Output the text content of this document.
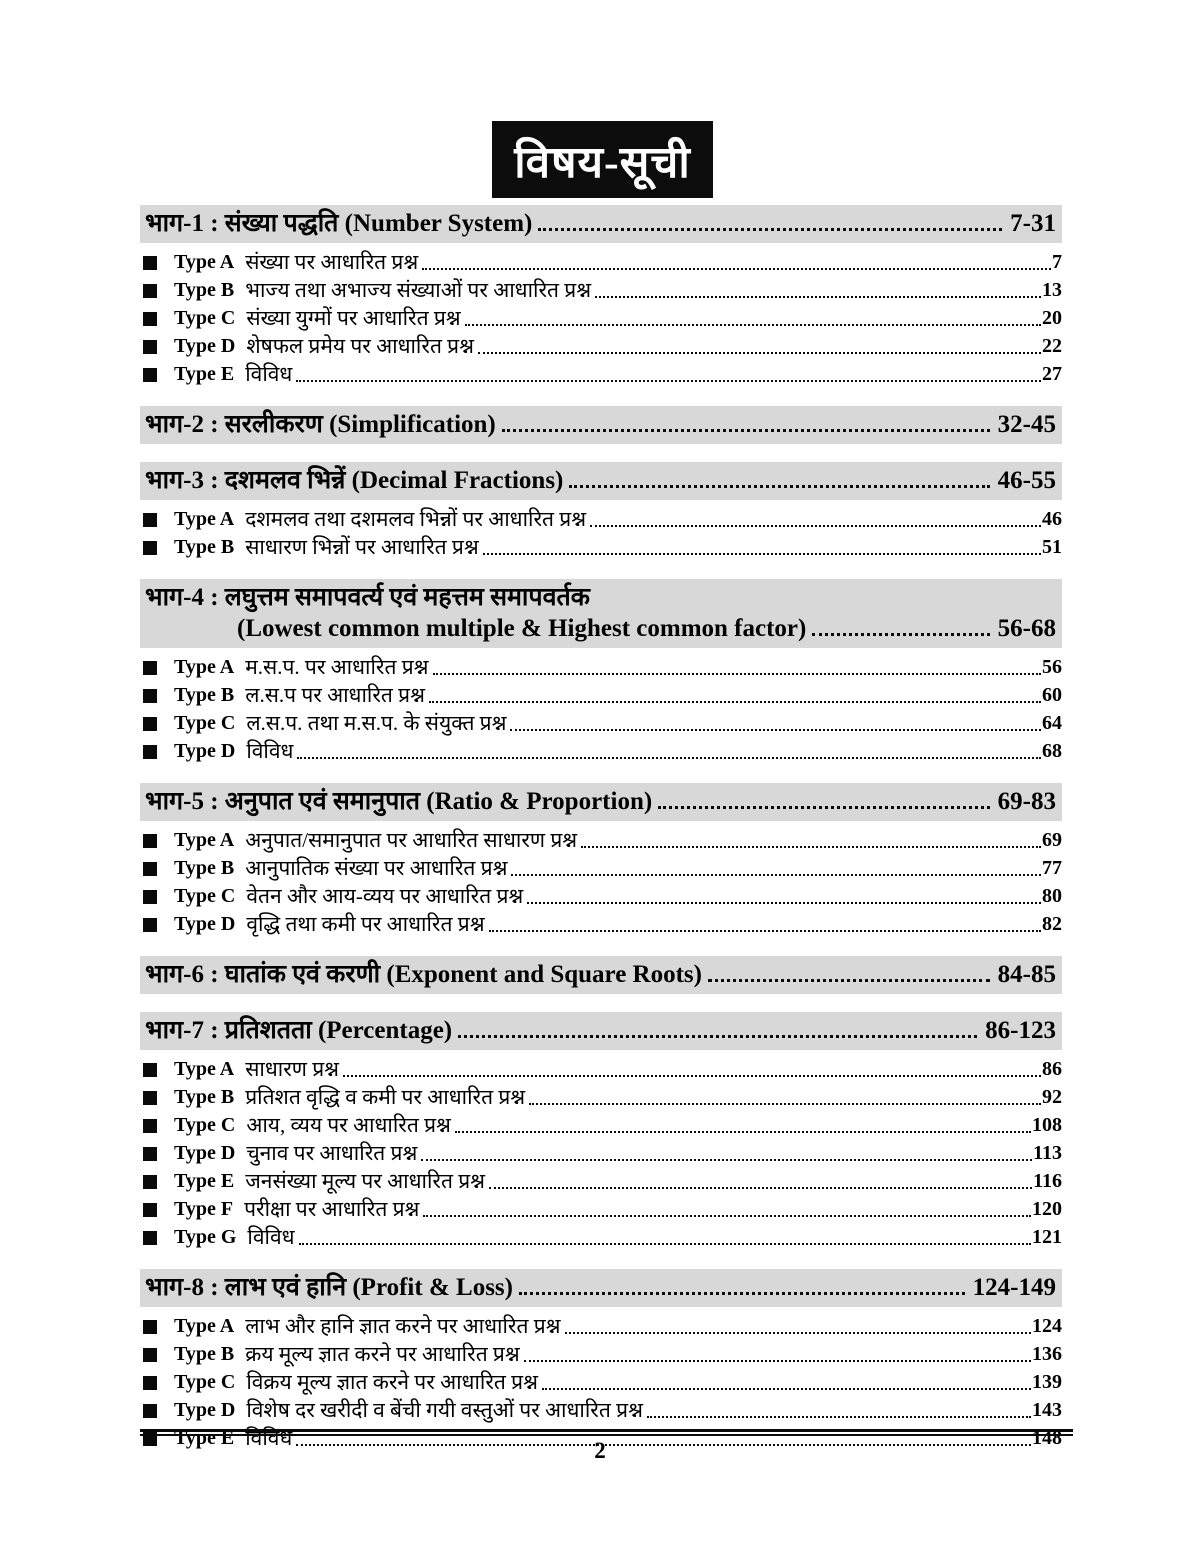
विषय-सूची
भाग-1 : संख्या पद्धति (Number System)	7-31
Type A संख्या पर आधारित प्रश्न	7
Type B भाज्य तथा अभाज्य संख्याओं पर आधारित प्रश्न	13
Type C संख्या युग्मों पर आधारित प्रश्न	20
Type D शेषफल प्रमेय पर आधारित प्रश्न	22
Type E विविध	27
भाग-2 : सरलीकरण (Simplification)	32-45
भाग-3 : दशमलव भिन्नें (Decimal Fractions)	46-55
Type A दशमलव तथा दशमलव भिन्नों पर आधारित प्रश्न	46
Type B साधारण भिन्नों पर आधारित प्रश्न	51
भाग-4 : लघुत्तम समापवर्त्य एवं महत्तम समापवर्तक
(Lowest common multiple & Highest common factor)	56-68
Type A म.स.प. पर आधारित प्रश्न	56
Type B ल.स.प पर आधारित प्रश्न	60
Type C ल.स.प. तथा म.स.प. के संयुक्त प्रश्न	64
Type D विविध	68
भाग-5 : अनुपात एवं समानुपात (Ratio & Proportion)	69-83
Type A अनुपात/समानुपात पर आधारित साधारण प्रश्न	69
Type B आनुपातिक संख्या पर आधारित प्रश्न	77
Type C वेतन और आय-व्यय पर आधारित प्रश्न	80
Type D वृद्धि तथा कमी पर आधारित प्रश्न	82
भाग-6 : घातांक एवं करणी (Exponent and Square Roots)	84-85
भाग-7 : प्रतिशतता (Percentage)	86-123
Type A साधारण प्रश्न	86
Type B प्रतिशत वृद्धि व कमी पर आधारित प्रश्न	92
Type C आय, व्यय पर आधारित प्रश्न	108
Type D चुनाव पर आधारित प्रश्न	113
Type E जनसंख्या मूल्य पर आधारित प्रश्न	116
Type F परीक्षा पर आधारित प्रश्न	120
Type G विविध	121
भाग-8 : लाभ एवं हानि (Profit & Loss)	124-149
Type A लाभ और हानि ज्ञात करने पर आधारित प्रश्न	124
Type B क्रय मूल्य ज्ञात करने पर आधारित प्रश्न	136
Type C विक्रय मूल्य ज्ञात करने पर आधारित प्रश्न	139
Type D विशेष दर खरीदी व बेंची गयी वस्तुओं पर आधारित प्रश्न	143
Type E विविध	148
2
